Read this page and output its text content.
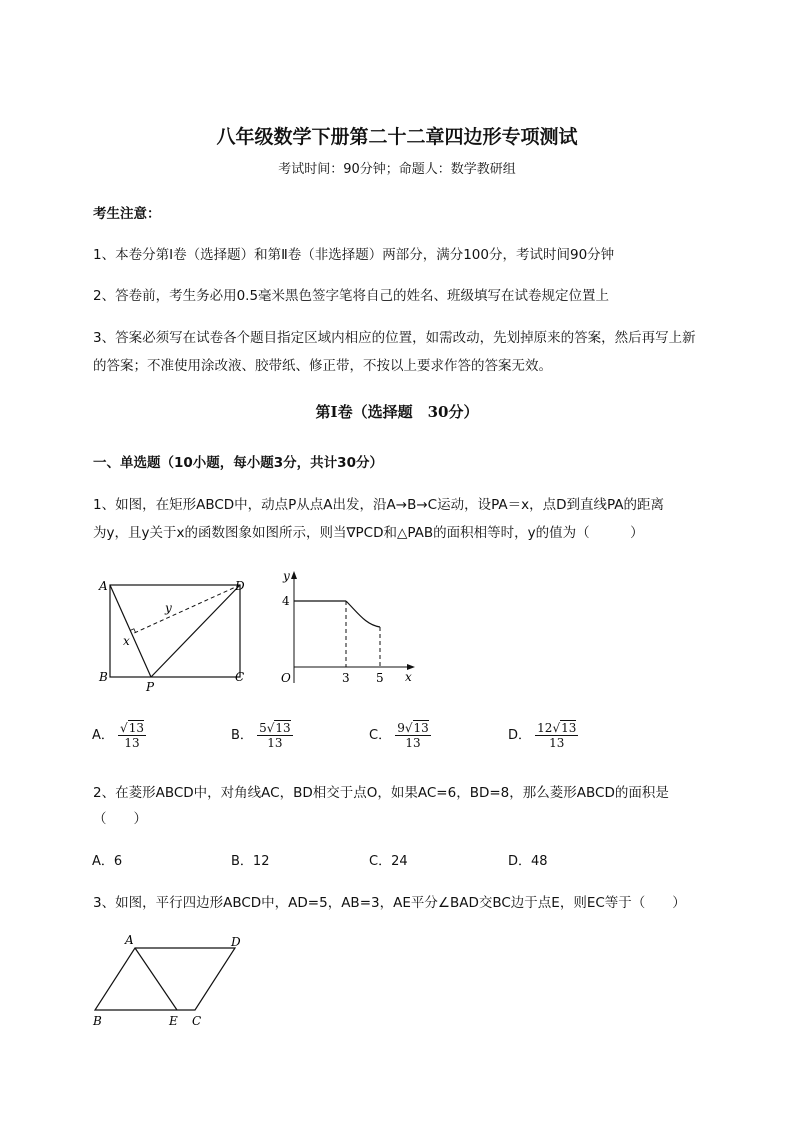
八年级数学下册第二十二章四边形专项测试
考试时间：90分钟；命题人：数学教研组
考生注意：
1、本卷分第I卷（选择题）和第Ⅱ卷（非选择题）两部分，满分100分，考试时间90分钟
2、答卷前，考生务必用0.5毫米黑色签字笔将自己的姓名、班级填写在试卷规定位置上
3、答案必须写在试卷各个题目指定区域内相应的位置，如需改动，先划掉原来的答案，然后再写上新
的答案；不准使用涂改液、胶带纸、修正带，不按以上要求作答的答案无效。
第I卷（选择题　30分）
一、单选题（10小题，每小题3分，共计30分）
1、如图，在矩形ABCD中，动点P从点A出发，沿A→B→C运动，设PA＝x，点D到直线PA的距离
为y，且y关于x的函数图象如图所示，则当∇PCD和△PAB的面积相等时，y的值为（　　　）
A
B	C
D
P
x
y
y
x
O
4
3 5
A． $\frac{√13}{13}$	B． $\frac{5√13}{13}$	C． $\frac{9√13}{13}$	D． $\frac{12√13}{13}$
2、在菱形ABCD中，对角线AC，BD相交于点O，如果AC=6，BD=8，那么菱形ABCD的面积是
（　　）
A．6	B．12	C．24	D．48
3、如图，平行四边形ABCD中，AD=5，AB=3，AE平分∠BAD交BC边于点E，则EC等于（　　）
A	D
B	E C
